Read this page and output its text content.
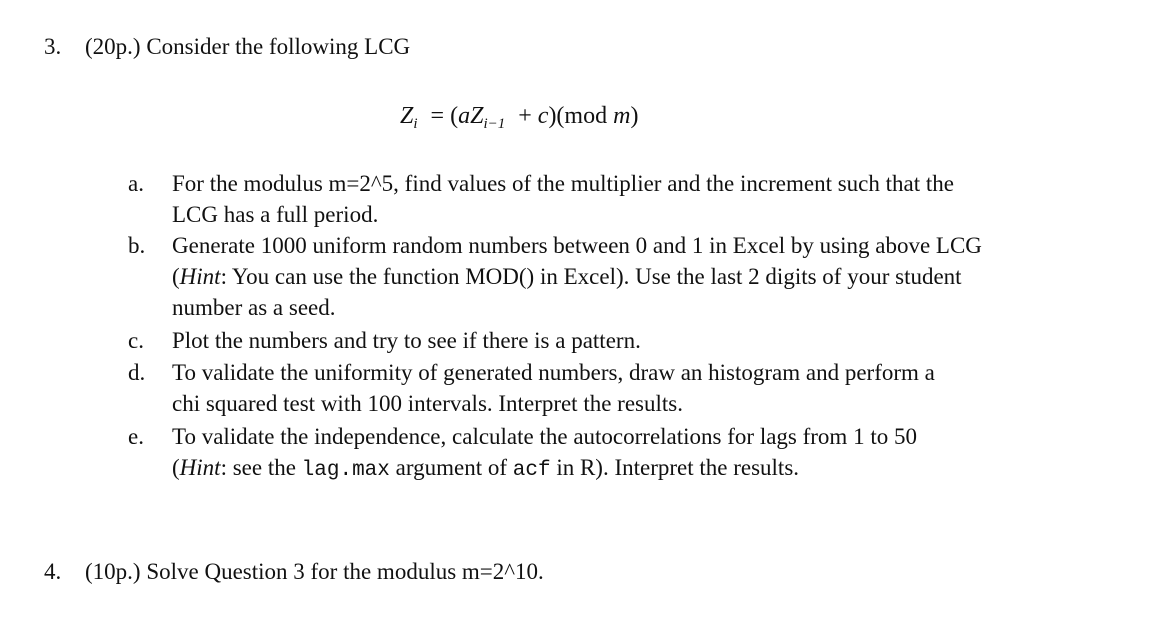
3. (20p.) Consider the following LCG
$Z_i = (aZ_{i-1} + c)(mod$ m)
a. For the modulus m=2^5, find values of the multiplier and the increment such that the
LCG has a full period.
b. Generate 1000 uniform random numbers between 0 and 1 in Excel by using above LCG
(Hint: You can use the function MOD() in Excel). Use the last 2 digits of your student
number as a seed.
c. Plot the numbers and try to see if there is a pattern.
d. To validate the uniformity of generated numbers, draw an histogram and perform a
chi squared test with 100 intervals. Interpret the results.
e. To validate the independence, calculate the autocorrelations for lags from 1 to 50
(Hint: see the lag.max argument of acf in R). Interpret the results.
4. (10p.) Solve Question 3 for the modulus m=2^10.
